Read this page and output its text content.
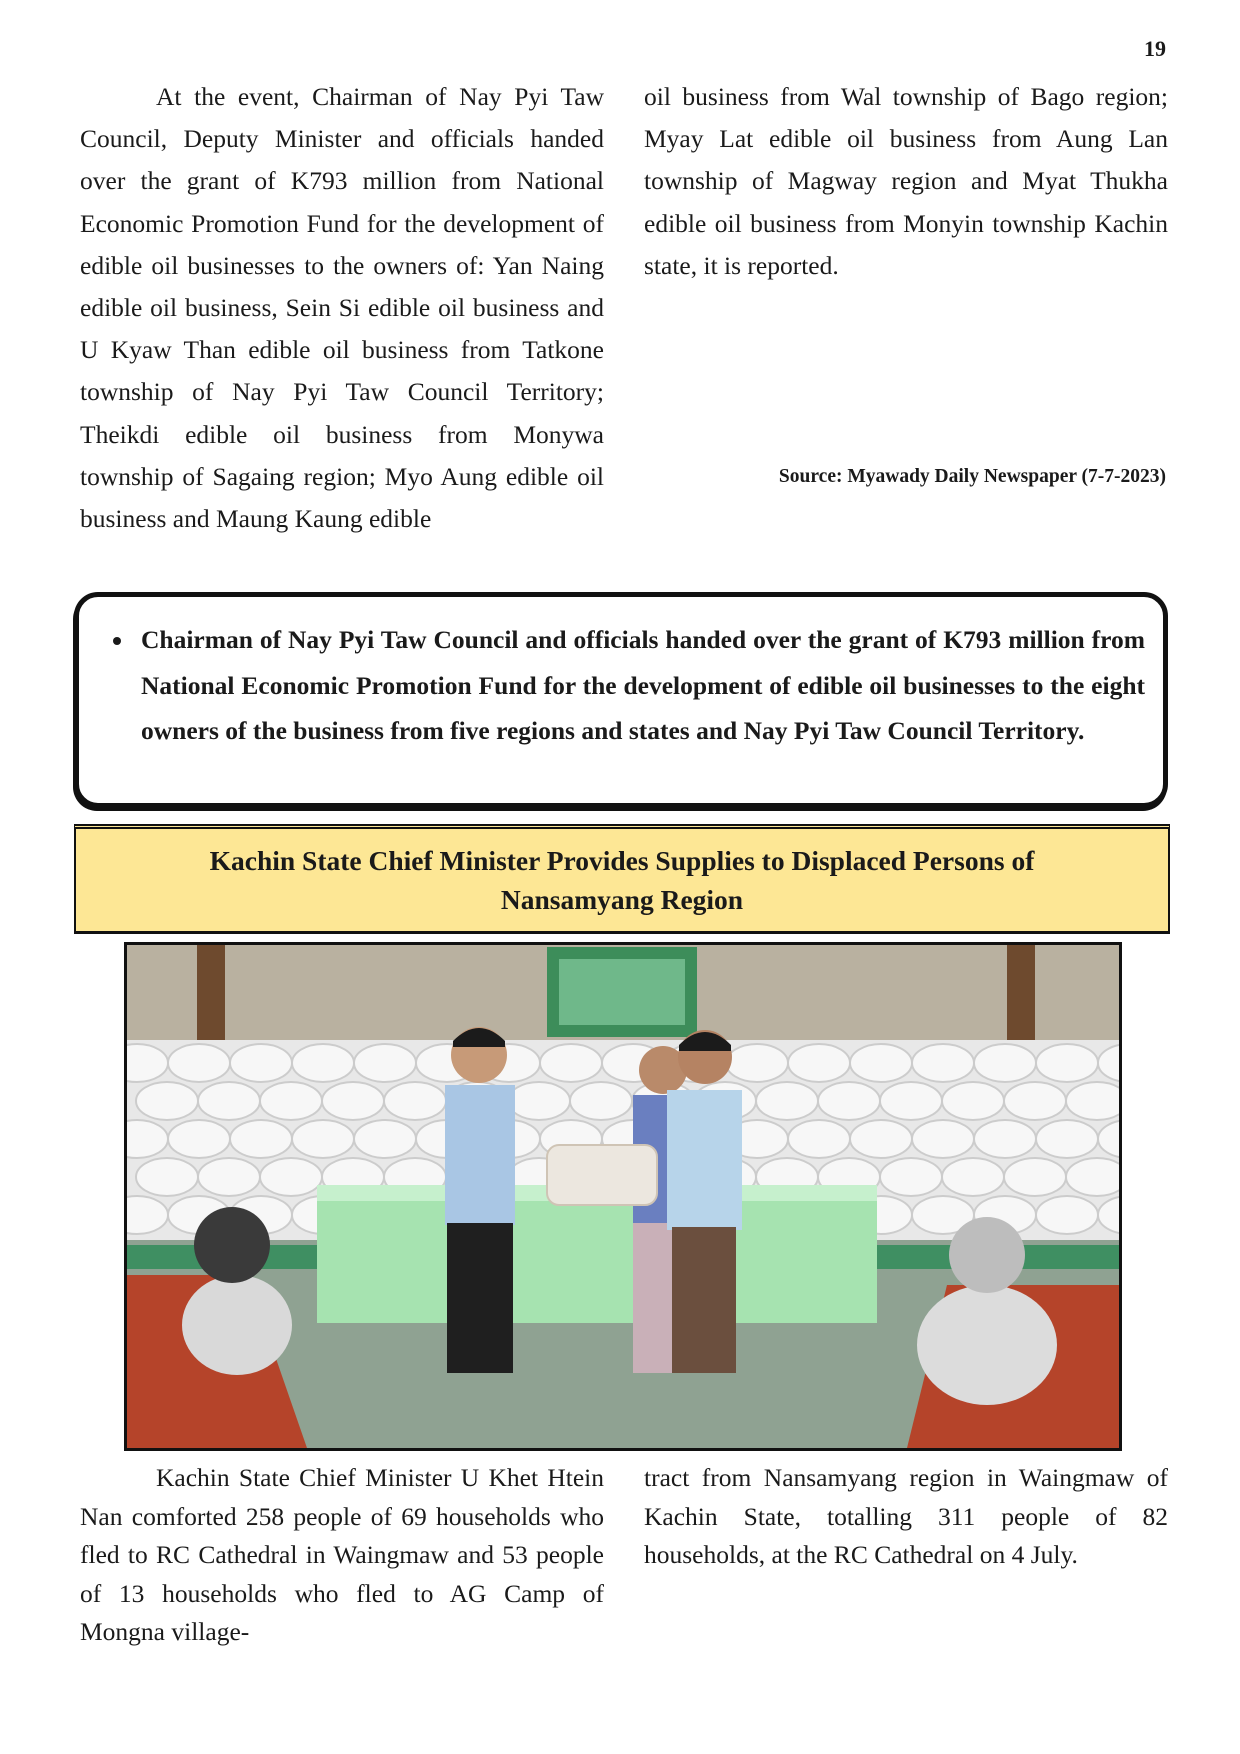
19

At the event, Chairman of Nay Pyi Taw Council, Deputy Minister and officials handed over the grant of K793 million from National Economic Promotion Fund for the development of edible oil businesses to the owners of: Yan Naing edible oil business, Sein Si edible oil business and U Kyaw Than edible oil business from Tatkone township of Nay Pyi Taw Council Territory; Theikdi edible oil business from Monywa township of Sagaing region; Myo Aung edible oil business and Maung Kaung edible

oil business from Wal township of Bago region; Myay Lat edible oil business from Aung Lan township of Magway region and Myat Thukha edible oil business from Monyin township Kachin state, it is reported.

Source: Myawady Daily Newspaper (7-7-2023)
• Chairman of Nay Pyi Taw Council and officials handed over the grant of K793 million from National Economic Promotion Fund for the development of edible oil businesses to the eight owners of the business from five regions and states and Nay Pyi Taw Council Territory.
Kachin State Chief Minister Provides Supplies to Displaced Persons of Nansamyang Region

Kachin State Chief Minister U Khet Htein Nan comforted 258 people of 69 households who fled to RC Cathedral in Waingmaw and 53 people of 13 households who fled to AG Camp of Mongna village-

tract from Nansamyang region in Waingmaw of Kachin State, totalling 311 people of 82 households, at the RC Cathedral on 4 July.
